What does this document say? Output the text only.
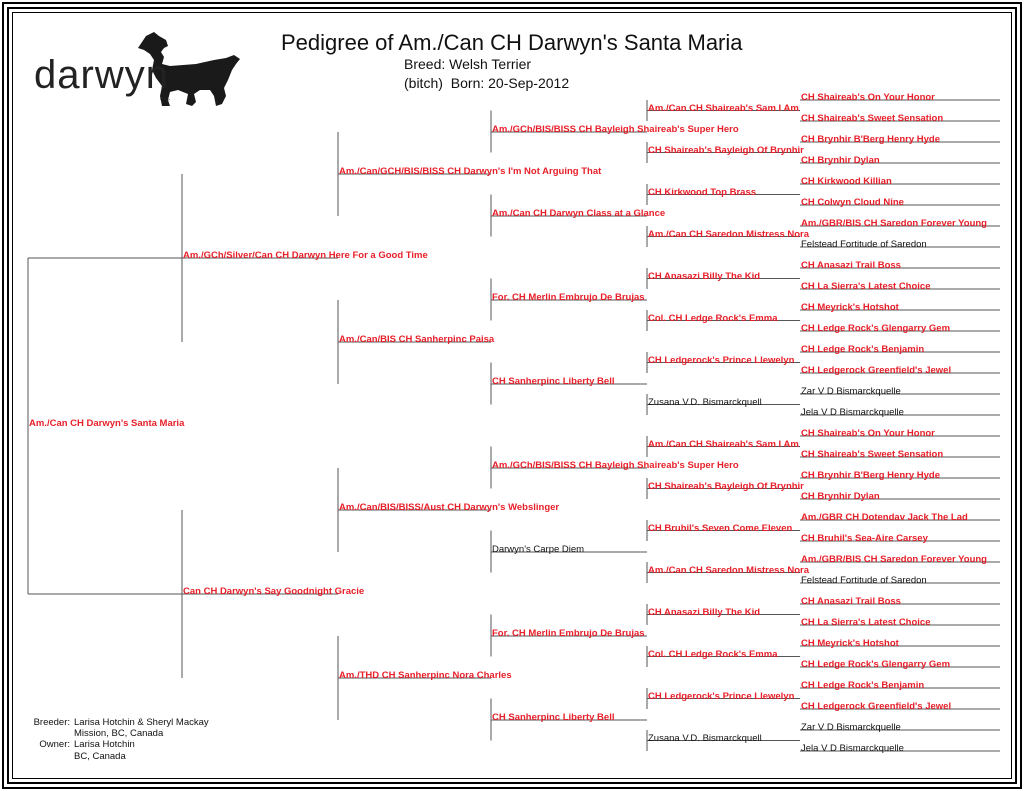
darwyn
reg.
Pedigree of Am./Can CH Darwyn's Santa Maria
Breed: Welsh Terrier
(bitch) Born: 20-Sep-2012
Am./Can CH Darwyn's Santa Maria
Am./GCh/Silver/Can CH Darwyn Here For a Good Time
Can CH Darwyn's Say Goodnight Gracie
Am./Can/GCH/BIS/BISS CH Darwyn's I'm Not Arguing That
Am./Can/BIS CH Sanherpinc Paisa
Am./Can/BIS/BISS/Aust CH Darwyn's Webslinger
Am./THD CH Sanherpinc Nora Charles
Am./GCh/BIS/BISS CH Bayleigh Shaireab's Super Hero
Am./Can CH Darwyn Class at a Glance
For. CH Merlin Embrujo De Brujas
CH Sanherpinc Liberty Bell
Am./GCh/BIS/BISS CH Bayleigh Shaireab's Super Hero
Darwyn's Carpe Diem
For. CH Merlin Embrujo De Brujas
CH Sanherpinc Liberty Bell
Am./Can CH Shaireab's Sam I Am
CH Shaireab's Bayleigh Of Brynhir
CH Kirkwood Top Brass
Am./Can CH Saredon Mistress Nora
CH Anasazi Billy The Kid
Col. CH Ledge Rock's Emma
CH Ledgerock's Prince Llewelyn
Zusana V.D. Bismarckquell
Am./Can CH Shaireab's Sam I Am
CH Shaireab's Bayleigh Of Brynhir
CH Bruhil's Seven Come Eleven
Am./Can CH Saredon Mistress Nora
CH Anasazi Billy The Kid
Col. CH Ledge Rock's Emma
CH Ledgerock's Prince Llewelyn
Zusana V.D. Bismarckquell
CH Shaireab's On Your Honor
CH Shaireab's Sweet Sensation
CH Brynhir B'Berg Henry Hyde
CH Brynhir Dylan
CH Kirkwood Killian
CH Colwyn Cloud Nine
Am./GBR/BIS CH Saredon Forever Young
Felstead Fortitude of Saredon
CH Anasazi Trail Boss
CH La Sierra's Latest Choice
CH Meyrick's Hotshot
CH Ledge Rock's Glengarry Gem
CH Ledge Rock's Benjamin
CH Ledgerock Greenfield's Jewel
Zar V D Bismarckquelle
Jela V D Bismarckquelle
CH Shaireab's On Your Honor
CH Shaireab's Sweet Sensation
CH Brynhir B'Berg Henry Hyde
CH Brynhir Dylan
Am./GBR CH Dotendav Jack The Lad
CH Bruhil's Sea-Aire Carsey
Am./GBR/BIS CH Saredon Forever Young
Felstead Fortitude of Saredon
CH Anasazi Trail Boss
CH La Sierra's Latest Choice
CH Meyrick's Hotshot
CH Ledge Rock's Glengarry Gem
CH Ledge Rock's Benjamin
CH Ledgerock Greenfield's Jewel
Zar V D Bismarckquelle
Jela V D Bismarckquelle
Breeder: Larisa Hotchin & Sheryl Mackay
Mission, BC, Canada
Owner: Larisa Hotchin
BC, Canada
